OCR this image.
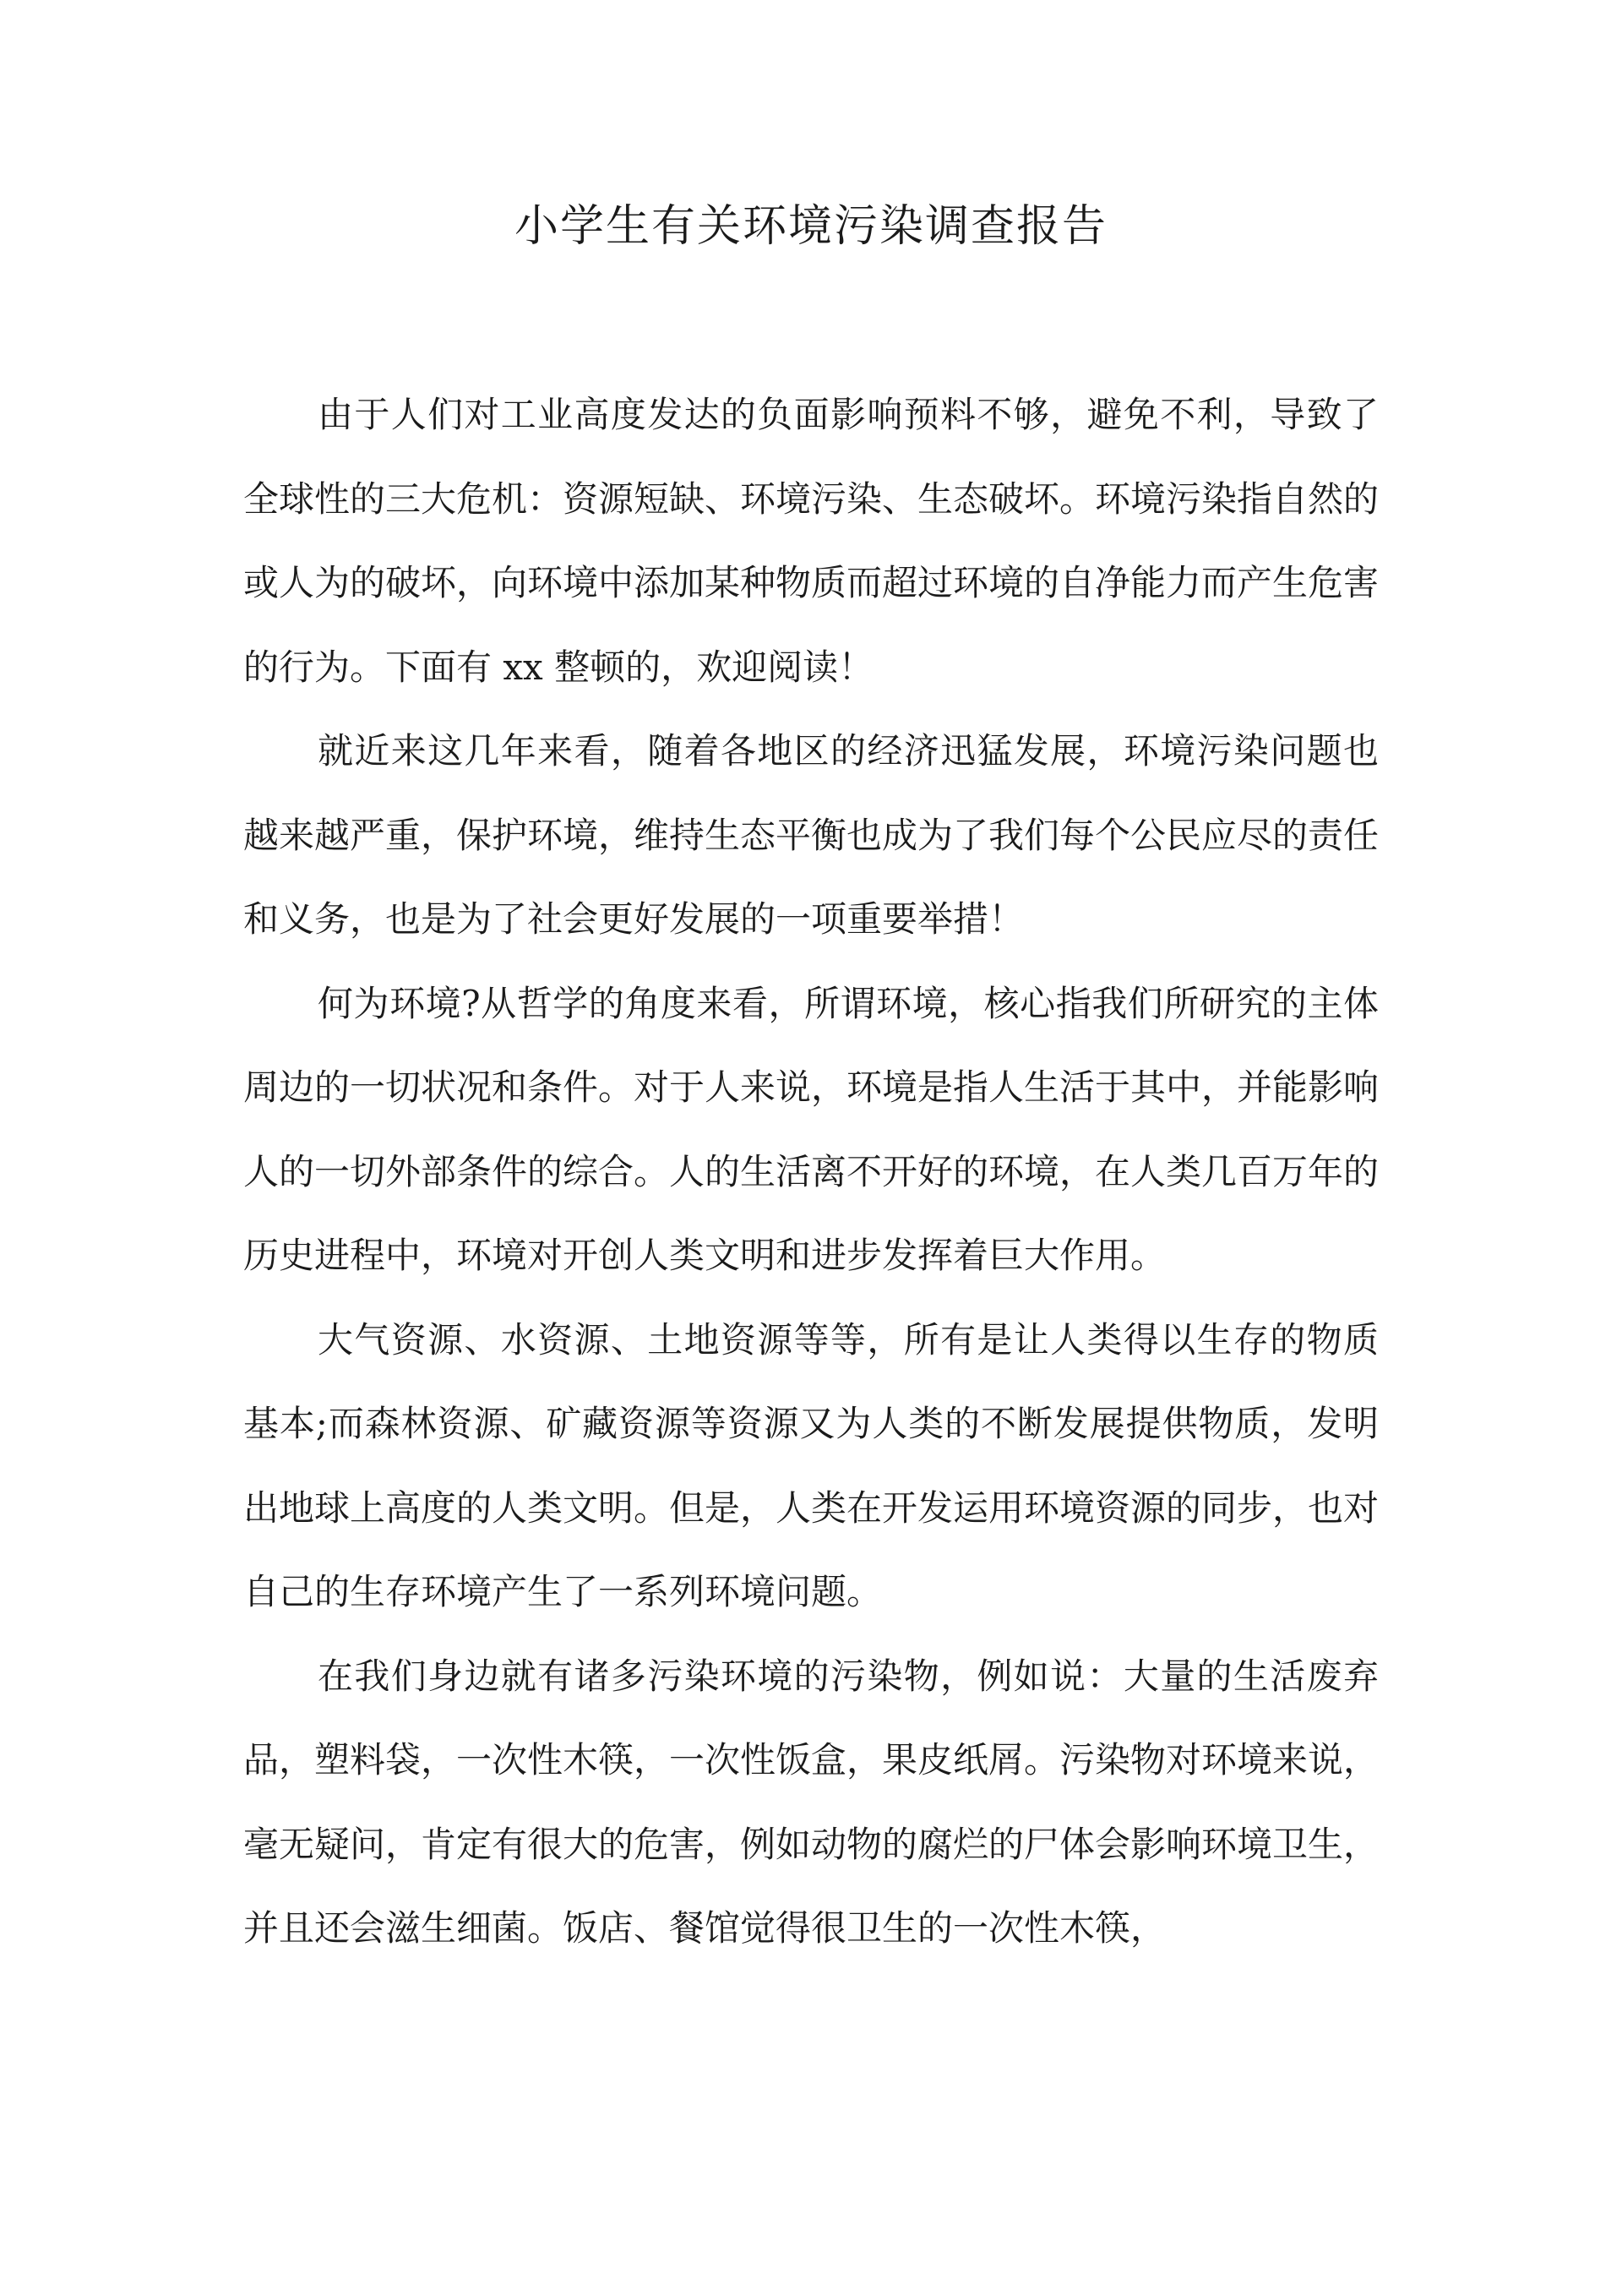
小学生有关环境污染调查报告

由于人们对工业高度发达的负面影响预料不够，避免不利，导致了全球性的三大危机：资源短缺、环境污染、生态破坏。环境污染指自然的或人为的破坏，向环境中添加某种物质而超过环境的自净能力而产生危害的行为。下面有 xx 整顿的，欢迎阅读！

就近来这几年来看，随着各地区的经济迅猛发展，环境污染问题也越来越严重，保护环境，维持生态平衡也成为了我们每个公民应尽的责任和义务，也是为了社会更好发展的一项重要举措！

何为环境?从哲学的角度来看，所谓环境，核心指我们所研究的主体周边的一切状况和条件。对于人来说，环境是指人生活于其中，并能影响人的一切外部条件的综合。人的生活离不开好的环境，在人类几百万年的历史进程中，环境对开创人类文明和进步发挥着巨大作用。

大气资源、水资源、土地资源等等，所有是让人类得以生存的物质基本;而森林资源、矿藏资源等资源又为人类的不断发展提供物质，发明出地球上高度的人类文明。但是，人类在开发运用环境资源的同步，也对自己的生存环境产生了一系列环境问题。

在我们身边就有诸多污染环境的污染物，例如说：大量的生活废弃品，塑料袋，一次性木筷，一次性饭盒，果皮纸屑。污染物对环境来说，毫无疑问，肯定有很大的危害，例如动物的腐烂的尸体会影响环境卫生，并且还会滋生细菌。饭店、餐馆觉得很卫生的一次性木筷，
